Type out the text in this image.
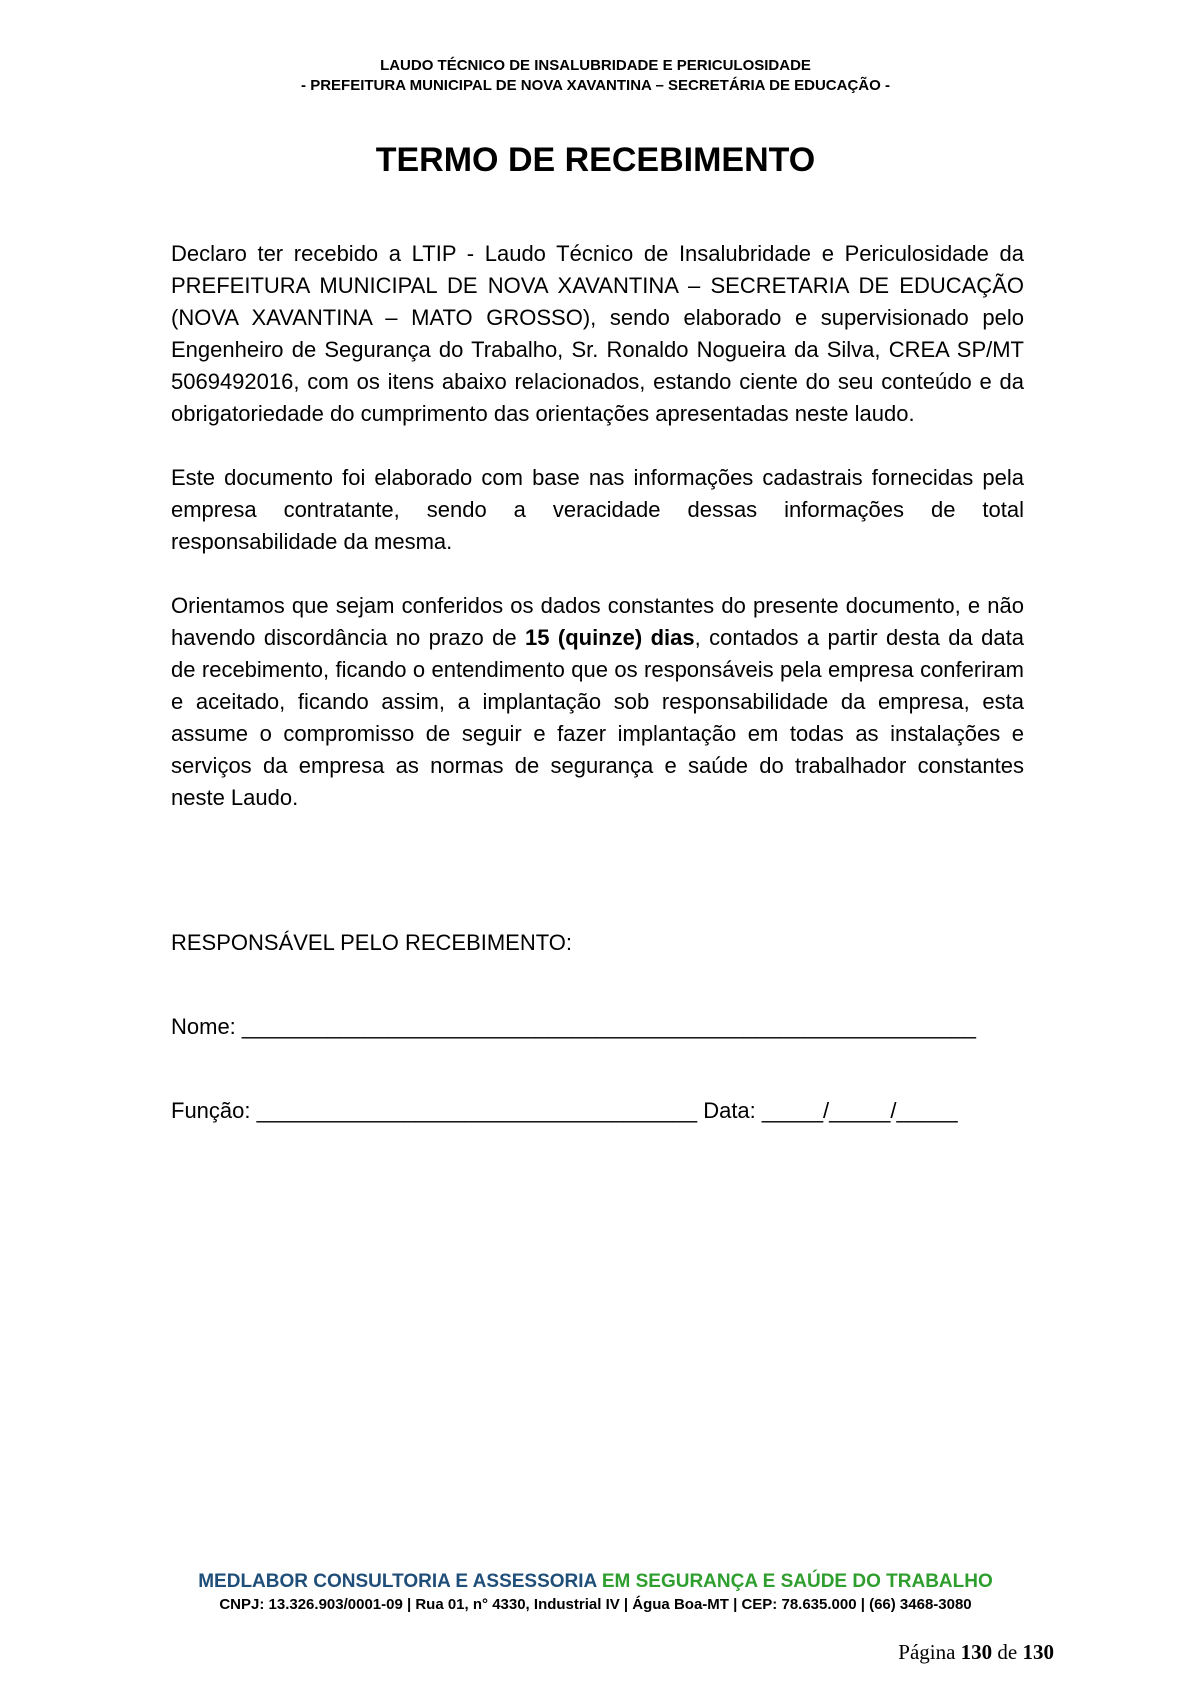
LAUDO TÉCNICO DE INSALUBRIDADE E PERICULOSIDADE
- PREFEITURA MUNICIPAL DE NOVA XAVANTINA – SECRETÁRIA DE EDUCAÇÃO -
TERMO DE RECEBIMENTO

Declaro ter recebido a LTIP - Laudo Técnico de Insalubridade e Periculosidade da PREFEITURA MUNICIPAL DE NOVA XAVANTINA – SECRETARIA DE EDUCAÇÃO (NOVA XAVANTINA – MATO GROSSO), sendo elaborado e supervisionado pelo Engenheiro de Segurança do Trabalho, Sr. Ronaldo Nogueira da Silva, CREA SP/MT 5069492016, com os itens abaixo relacionados, estando ciente do seu conteúdo e da obrigatoriedade do cumprimento das orientações apresentadas neste laudo.

Este documento foi elaborado com base nas informações cadastrais fornecidas pela empresa contratante, sendo a veracidade dessas informações de total responsabilidade da mesma.

Orientamos que sejam conferidos os dados constantes do presente documento, e não havendo discordância no prazo de 15 (quinze) dias, contados a partir desta da data de recebimento, ficando o entendimento que os responsáveis pela empresa conferiram e aceitado, ficando assim, a implantação sob responsabilidade da empresa, esta assume o compromisso de seguir e fazer implantação em todas as instalações e serviços da empresa as normas de segurança e saúde do trabalhador constantes neste Laudo.

RESPONSÁVEL PELO RECEBIMENTO:
Nome: ____________________________________________________________
Função: ____________________________________ Data: _____/_____/_____
MEDLABOR CONSULTORIA E ASSESSORIA EM SEGURANÇA E SAÚDE DO TRABALHO
CNPJ: 13.326.903/0001-09 | Rua 01, n° 4330, Industrial IV | Água Boa-MT | CEP: 78.635.000 | (66) 3468-3080
Página 130 de 130
